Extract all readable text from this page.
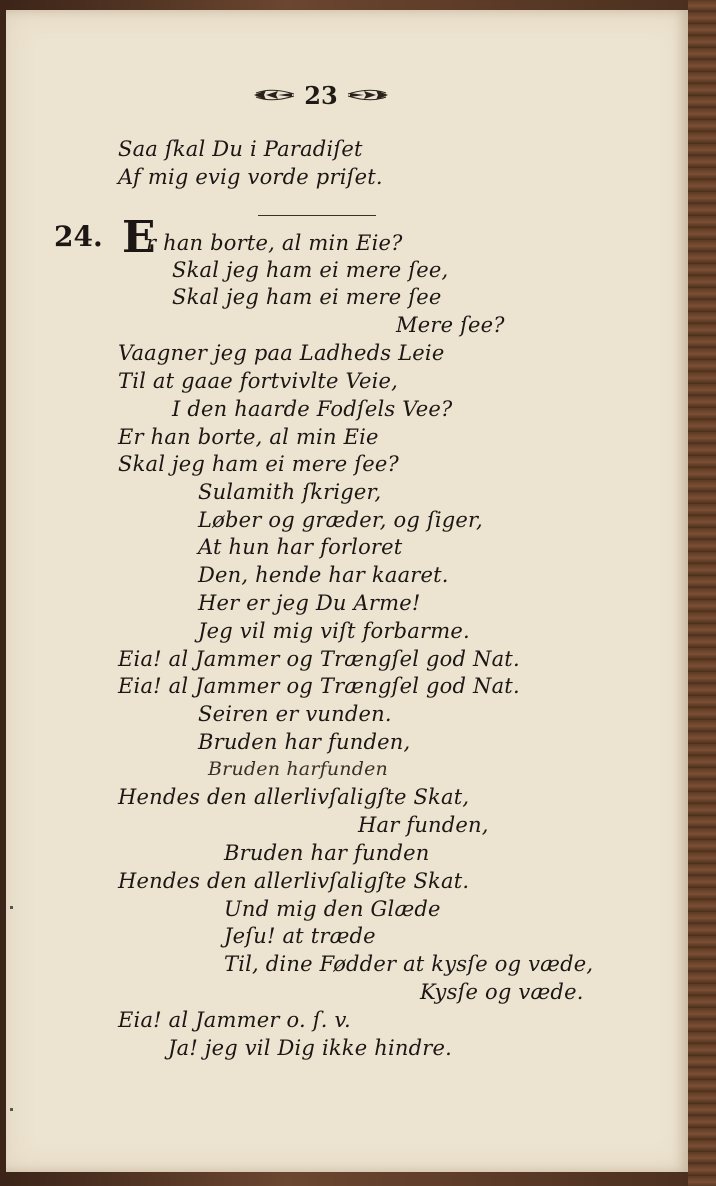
23
Saa ſkal Du i Paradiſet
Af mig evig vorde priſet.
24. E
r han borte, al min Eie?
Skal jeg ham ei mere ſee,
Skal jeg ham ei mere ſee
Mere ſee?
Vaagner jeg paa Ladheds Leie
Til at gaae fortvivlte Veie,
I den haarde Fodſels Vee?
Er han borte, al min Eie
Skal jeg ham ei mere ſee?
Sulamith ſkriger,
Løber og græder, og ſiger,
At hun har forloret
Den, hende har kaaret.
Her er jeg Du Arme!
Jeg vil mig viſt forbarme.
Eia! al Jammer og Trængſel god Nat.
Eia! al Jammer og Trængſel god Nat.
Seiren er vunden.
Bruden har funden,
Bruden harfunden
Hendes den allerlivſaligſte Skat,
Har funden,
Bruden har funden
Hendes den allerlivſaligſte Skat.
Und mig den Glæde
Jeſu! at træde
Til, dine Fødder at kysſe og væde,
Kysſe og væde.
Eia! al Jammer o. ſ. v.
Ja! jeg vil Dig ikke hindre.
